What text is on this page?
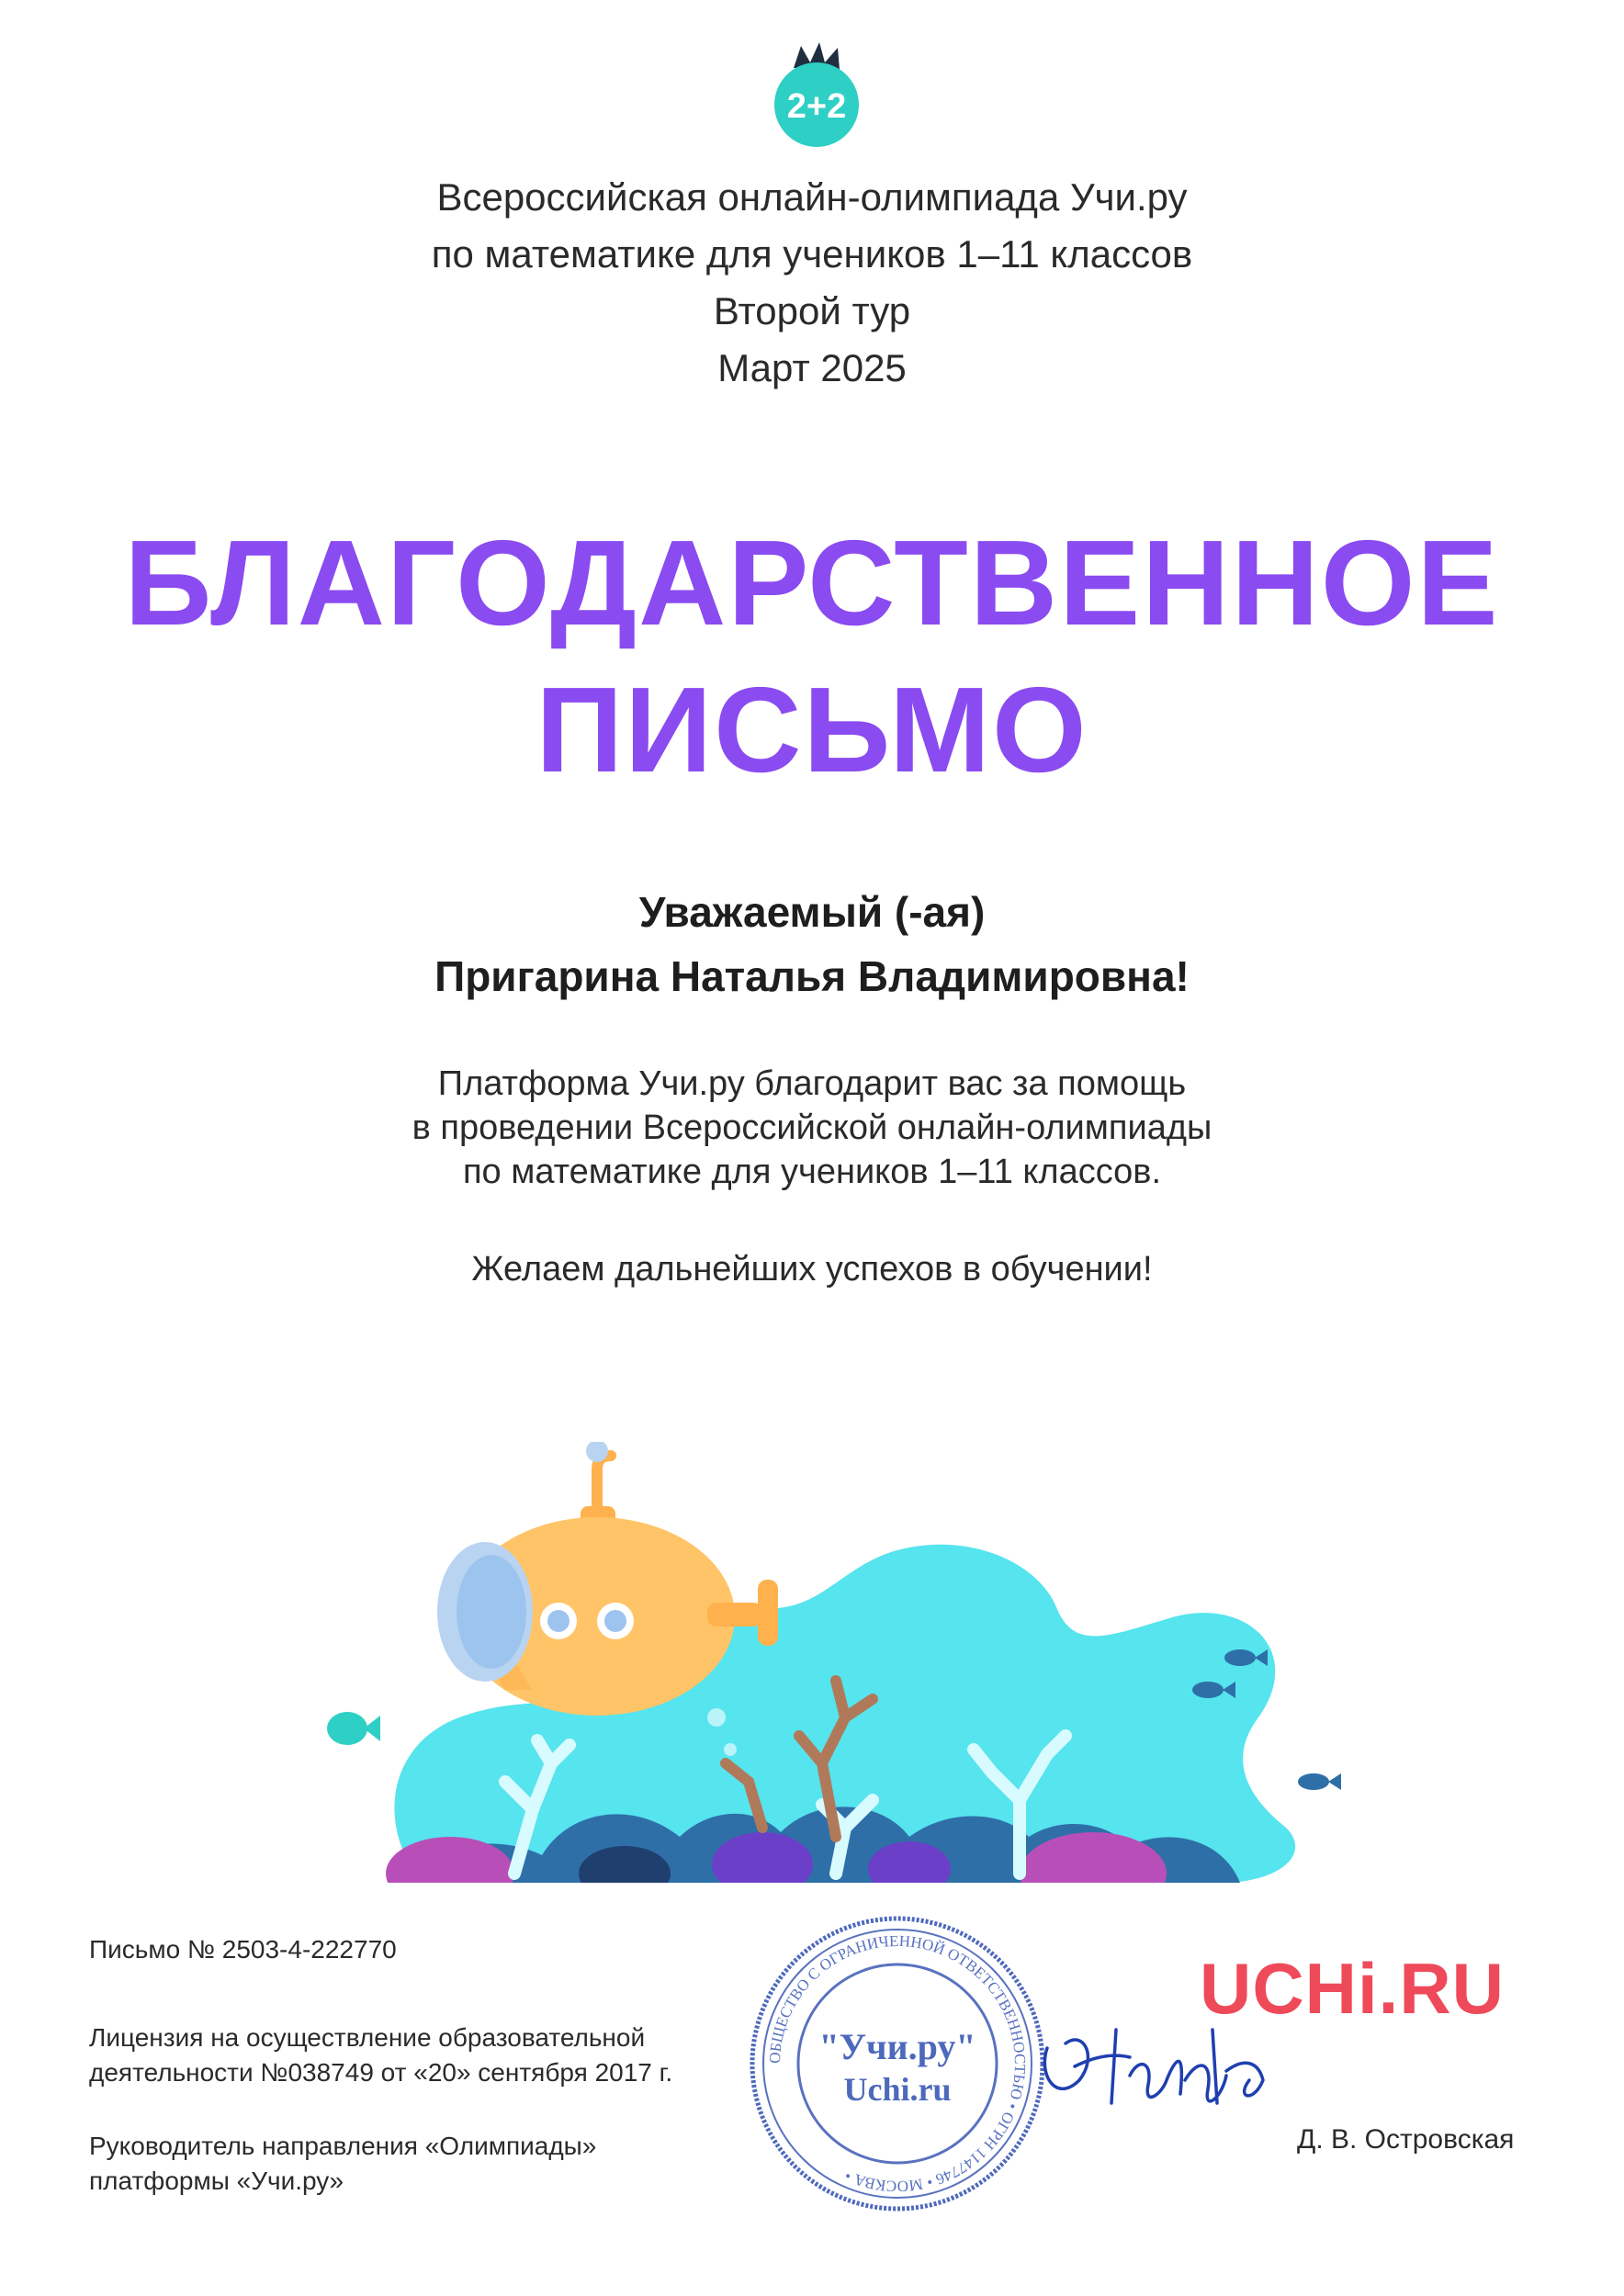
2+2
Всероссийская онлайн-олимпиада Учи.ру
по математике для учеников 1–11 классов
Второй тур
Март 2025
БЛАГОДАРСТВЕННОЕ
ПИСЬМО
Уважаемый (-ая)
Пригарина Наталья Владимировна!
Платформа Учи.ру благодарит вас за помощь
в проведении Всероссийской онлайн-олимпиады
по математике для учеников 1–11 классов.
Желаем дальнейших успехов в обучении!
Письмо № 2503-4-222770
Лицензия на осуществление образовательной
деятельности №038749 от «20» сентября 2017 г.
Руководитель направления «Олимпиады»
платформы «Учи.ру»
ОБЩЕСТВО С ОГРАНИЧЕННОЙ ОТВЕТСТВЕННОСТЬЮ • ОГРН 1147746 • МОСКВА •
"Учи.ру"
Uchi.ru
UCHi.RU
Д. В. Островская
